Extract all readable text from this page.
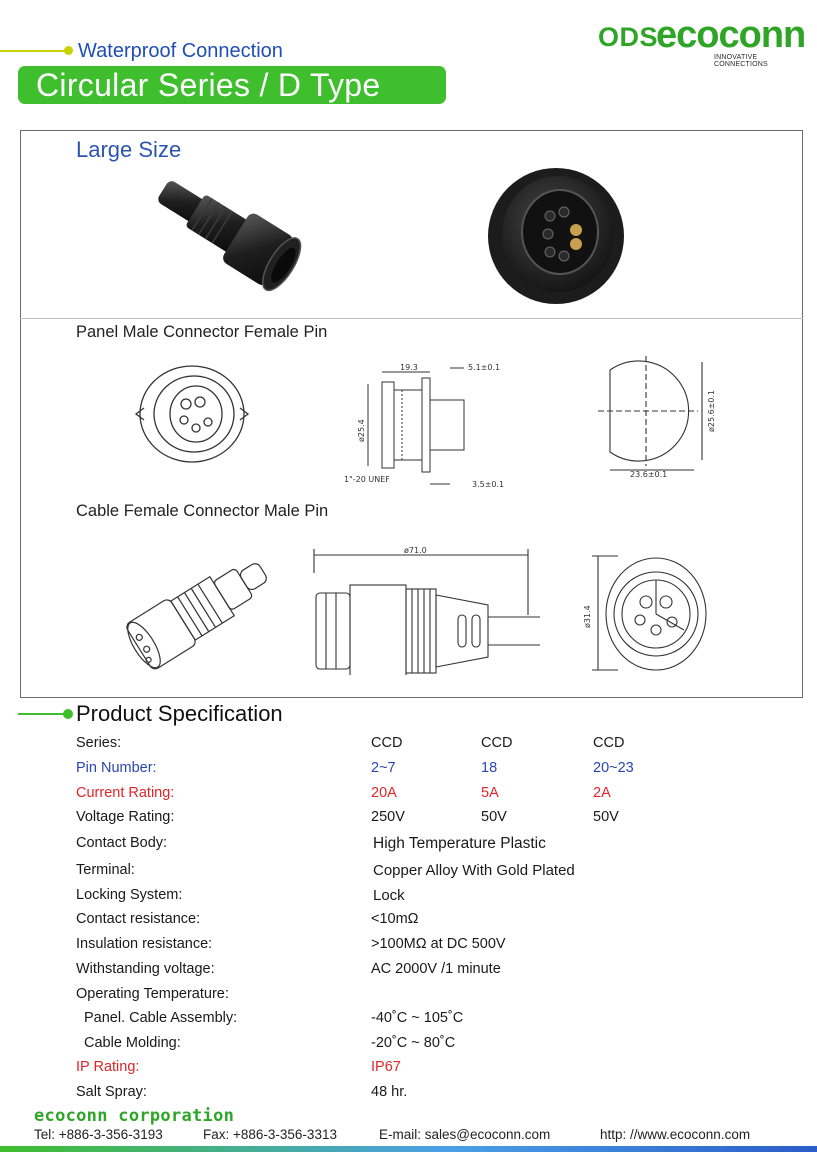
Waterproof Connection
Circular Series / D Type
ODS
ecoconn
INNOVATIVE CONNECTIONS
Large Size
Panel Male Connector Female Pin
19.3	5.1±0.1
ø25.4
1"-20 UNEF
3.5±0.1
ø25.6±0.1
23.6±0.1
Cable Female Connector Male Pin
ø71.0
ø31.4
Product Specification
Series:	CCD	CCD	CCD
Pin Number:	2~7	18	20~23
Current Rating:	20A	5A	2A
Voltage Rating:	250V	50V	50V
Contact Body:	High Temperature Plastic
Terminal:	Copper Alloy With Gold Plated
Locking System:	Lock
Contact resistance:	<10mΩ
Insulation resistance:	>100MΩ at DC 500V
Withstanding voltage:	AC 2000V /1 minute
Operating Temperature:
Panel. Cable Assembly:	-40˚C ~ 105˚C
Cable Molding:	-20˚C ~ 80˚C
IP Rating:	IP67
Salt Spray:	48 hr.
ecoconn corporation
Tel: +886-3-356-3193	Fax: +886-3-356-3313	E-mail: sales@ecoconn.com	http: //www.ecoconn.com
